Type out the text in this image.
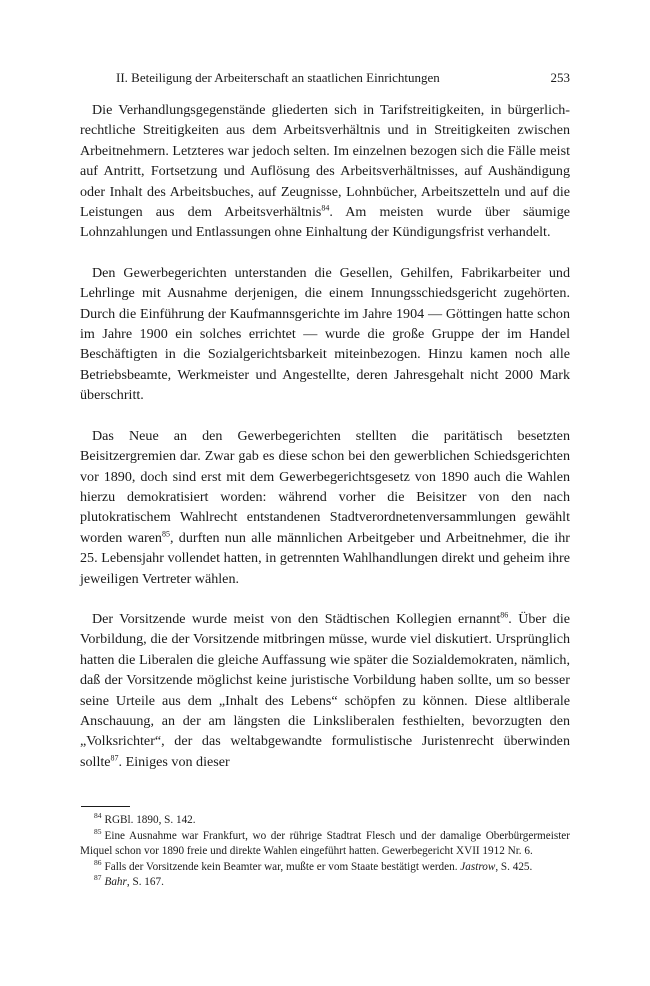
II. Beteiligung der Arbeiterschaft an staatlichen Einrichtungen	253

Die Verhandlungsgegenstände gliederten sich in Tarifstreitigkeiten, in bürgerlich-rechtliche Streitigkeiten aus dem Arbeitsverhältnis und in Streitigkeiten zwischen Arbeitnehmern. Letzteres war jedoch selten. Im einzelnen bezogen sich die Fälle meist auf Antritt, Fortsetzung und Auflösung des Arbeitsverhältnisses, auf Aushändigung oder Inhalt des Arbeitsbuches, auf Zeugnisse, Lohnbücher, Arbeitszetteln und auf die Leistungen aus dem Arbeitsverhältnis$^{84}$. Am meisten wurde über säumige Lohnzahlungen und Entlassungen ohne Einhaltung der Kündigungsfrist verhandelt.

Den Gewerbegerichten unterstanden die Gesellen, Gehilfen, Fabrikarbeiter und Lehrlinge mit Ausnahme derjenigen, die einem Innungsschiedsgericht zugehörten. Durch die Einführung der Kaufmannsgerichte im Jahre 1904 — Göttingen hatte schon im Jahre 1900 ein solches errichtet — wurde die große Gruppe der im Handel Beschäftigten in die Sozialgerichtsbarkeit miteinbezogen. Hinzu kamen noch alle Betriebsbeamte, Werkmeister und Angestellte, deren Jahresgehalt nicht 2000 Mark überschritt.

Das Neue an den Gewerbegerichten stellten die paritätisch besetzten Beisitzergremien dar. Zwar gab es diese schon bei den gewerblichen Schiedsgerichten vor 1890, doch sind erst mit dem Gewerbegerichtsgesetz von 1890 auch die Wahlen hierzu demokratisiert worden: während vorher die Beisitzer von den nach plutokratischem Wahlrecht entstandenen Stadtverordnetenversammlungen gewählt worden waren$^{85}$, durften nun alle männlichen Arbeitgeber und Arbeitnehmer, die ihr 25. Lebensjahr vollendet hatten, in getrennten Wahlhandlungen direkt und geheim ihre jeweiligen Vertreter wählen.

Der Vorsitzende wurde meist von den Städtischen Kollegien ernannt$^{86}$. Über die Vorbildung, die der Vorsitzende mitbringen müsse, wurde viel diskutiert. Ursprünglich hatten die Liberalen die gleiche Auffassung wie später die Sozialdemokraten, nämlich, daß der Vorsitzende möglichst keine juristische Vorbildung haben sollte, um so besser seine Urteile aus dem „Inhalt des Lebens“ schöpfen zu können. Diese altliberale Anschauung, an der am längsten die Linksliberalen festhielten, bevorzugten den „Volksrichter“, der das weltabgewandte formulistische Juristenrecht überwinden sollte$^{87}$. Einiges von dieser

$^{84}$ RGBl. 1890, S. 142.
$^{85}$ Eine Ausnahme war Frankfurt, wo der rührige Stadtrat Flesch und der damalige Oberbürgermeister Miquel schon vor 1890 freie und direkte Wahlen eingeführt hatten. Gewerbegericht XVII 1912 Nr. 6.
$^{86}$ Falls der Vorsitzende kein Beamter war, mußte er vom Staate bestätigt werden. Jastrow, S. 425.
$^{87}$ Bahr, S. 167.
